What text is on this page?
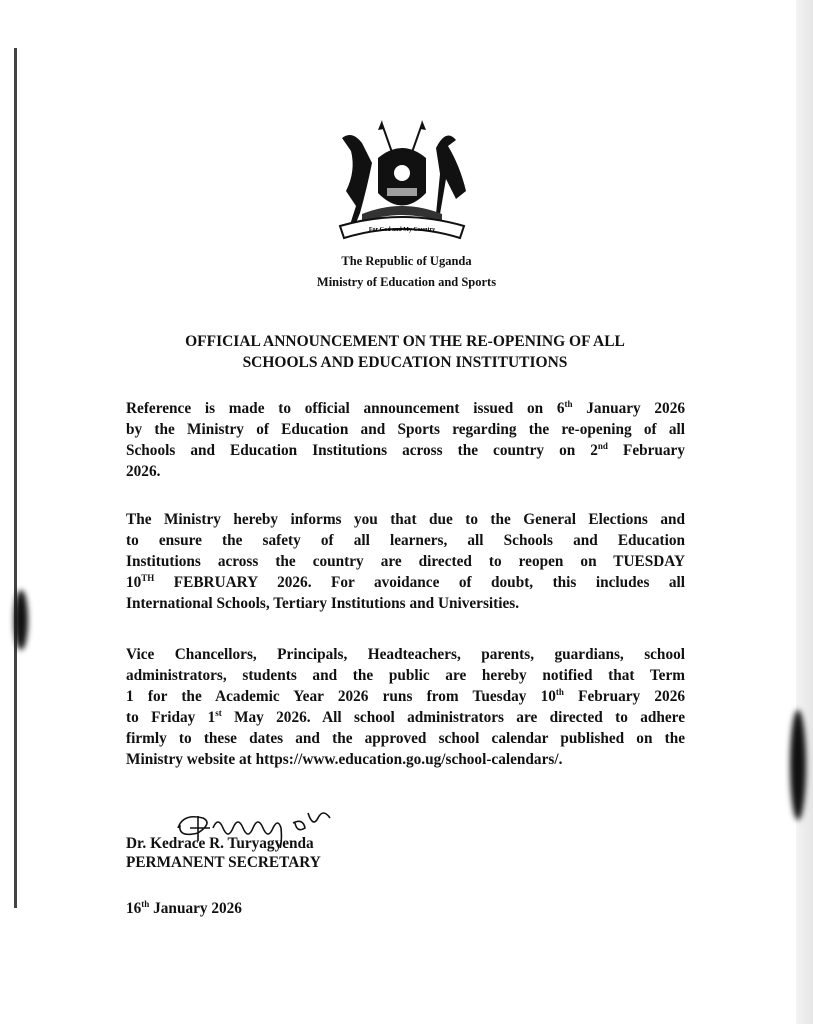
For God and My Country
The Republic of Uganda
Ministry of Education and Sports
OFFICIAL ANNOUNCEMENT ON THE RE-OPENING OF ALL
SCHOOLS AND EDUCATION INSTITUTIONS
Reference is made to official announcement issued on 6th January 2026
by the Ministry of Education and Sports regarding the re-opening of all
Schools and Education Institutions across the country on 2nd February
2026.
The Ministry hereby informs you that due to the General Elections and
to ensure the safety of all learners, all Schools and Education
Institutions across the country are directed to reopen on TUESDAY
10TH FEBRUARY 2026. For avoidance of doubt, this includes all
International Schools, Tertiary Institutions and Universities.
Vice Chancellors, Principals, Headteachers, parents, guardians, school
administrators, students and the public are hereby notified that Term
1 for the Academic Year 2026 runs from Tuesday 10th February 2026
to Friday 1st May 2026. All school administrators are directed to adhere
firmly to these dates and the approved school calendar published on the
Ministry website at https://www.education.go.ug/school-calendars/.
Dr. Kedrace R. Turyagyenda
PERMANENT SECRETARY
16th January 2026
